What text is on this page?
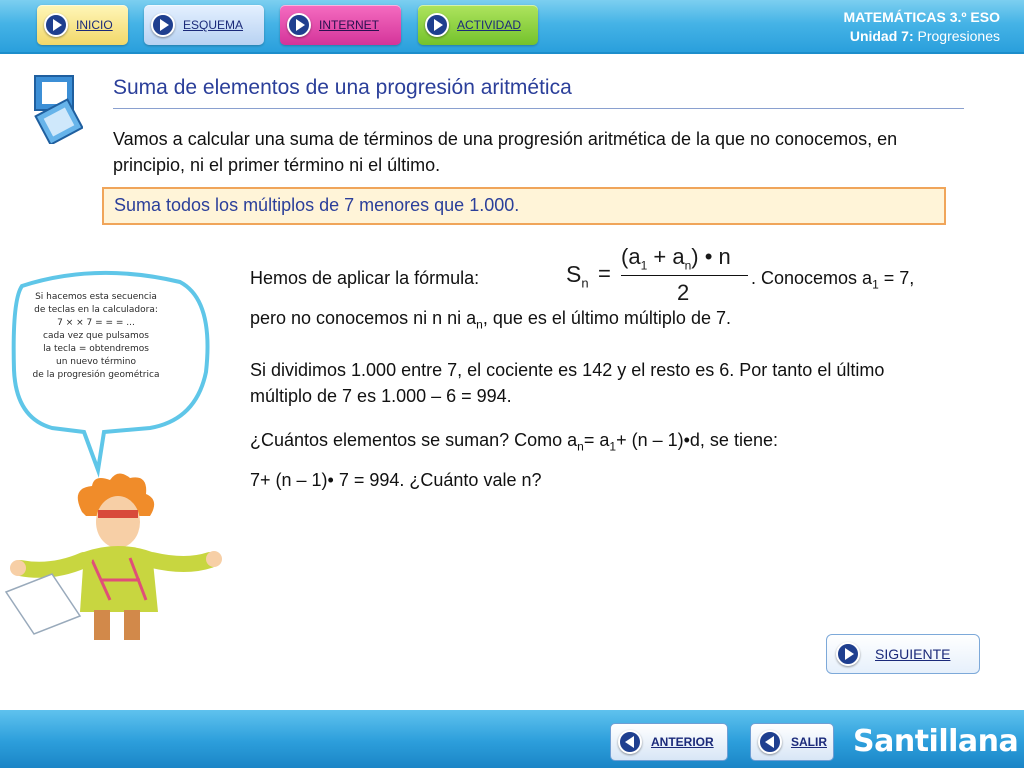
INICIO	ESQUEMA	INTERNET	ACTIVIDAD	MATEMÁTICAS 3.º ESO
Unidad 7: Progresiones
Suma de elementos de una progresión aritmética
Vamos a calcular una suma de términos de una progresión aritmética de la que no conocemos, en principio, ni el primer término ni el último.
Suma todos los múltiplos de 7 menores que 1.000.
Hemos de aplicar la fórmula:	$S_n$ =
$(a_1 + a_n)$ • n
2
. Conocemos $a_1 = 7$,
pero no conocemos ni n ni $a_n$, que es el último múltiplo de 7.
Si dividimos 1.000 entre 7, el cociente es 142 y el resto es 6. Por tanto el último múltiplo de 7 es 1.000 – 6 = 994.
¿Cuántos elementos se suman? Como $a_n= a_1+ (n$ – 1)•d, se tiene:
7+ (n – 1)• 7 = 994. ¿Cuánto vale n?
Si hacemos esta secuencia
de teclas en la calculadora:
7 × × 7 = = = ...
cada vez que pulsamos
la tecla = obtendremos
un nuevo término
de la progresión geométrica
SIGUIENTE
ANTERIOR	SALIR Santillana
